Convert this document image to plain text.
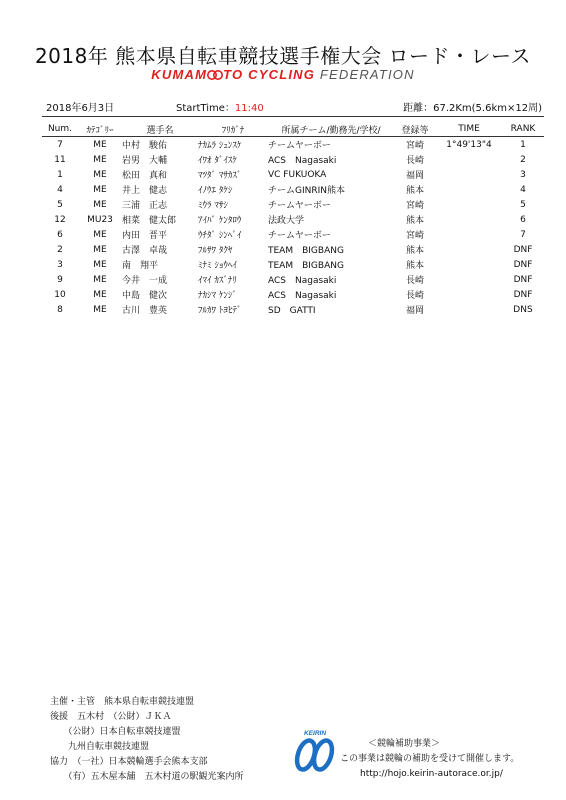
2018年 熊本県自転車競技選手権大会 ロード・レース
KUMAM TO CYCLING FEDERATION
2018年6月3日	StartTime：11:40	距離：67.2Km(5.6km×12周)
Num.	ｶﾃｺﾞﾘｰ	選手名	ﾌﾘｶﾞﾅ	所属チーム/勤務先/学校/	登録等	TIME	RANK
7	ME	中村　駿佑	ﾅｶﾑﾗ ｼｭﾝｽｹ	チームヤーボー	宮崎	1°49'13"4	1
11	ME	岩男　大輔	ｲﾜｵ ﾀﾞｲｽｹ	ACS　Nagasaki	長崎		2
1	ME	松田　真和	ﾏﾂﾀﾞ ﾏｻｶｽﾞ	VC FUKUOKA	福岡		3
4	ME	井上　健志	ｲﾉｳｴ ﾀｹｼ	チームGINRIN熊本	熊本		4
5	ME	三浦　正志	ﾐｳﾗ ﾏｻｼ	チームヤーボー	宮崎		5
12	MU23	相菜　健太郎	ｱｲﾊﾞ ｹﾝﾀﾛｳ	法政大学	熊本		6
6	ME	内田　晋平	ｳﾁﾀﾞ ｼﾝﾍﾟｲ	チームヤーボー	宮崎		7
2	ME	古澤　卓哉	ﾌﾙｻﾜ ﾀｸﾔ	TEAM　BIGBANG	熊本		DNF
3	ME	南　翔平	ﾐﾅﾐ ｼｮｳﾍｲ	TEAM　BIGBANG	熊本		DNF
9	ME	今井　一成	ｲﾏｲ ｶｽﾞﾅﾘ	ACS　Nagasaki	長崎		DNF
10	ME	中島　健次	ﾅｶｼﾏ ｹﾝｼﾞ	ACS　Nagasaki	長崎		DNF
8	ME	古川　豊英	ﾌﾙｶﾜ ﾄﾖﾋﾃﾞ	SD　GATTI	福岡		DNS
主催・主管　熊本県自転車競技連盟
後援　五木村　（公財）ＪＫＡ
　　（公財）日本自転車競技連盟
　　九州自転車競技連盟
協力　（一社）日本競輪選手会熊本支部
　　（有）五木屋本舗　五木村道の駅観光案内所
KEIRIN
＜競輪補助事業＞
この事業は競輪の補助を受けて開催します。
http://hojo.keirin-autorace.or.jp/
